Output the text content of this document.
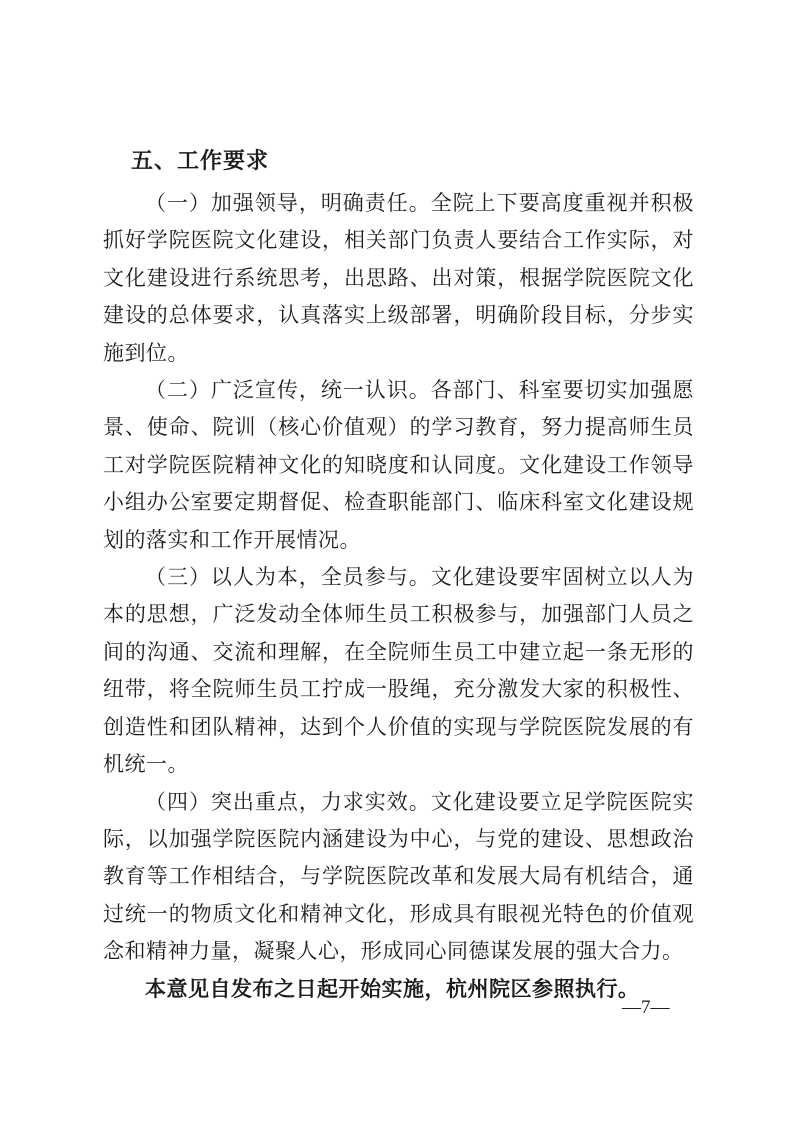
五、工作要求

（一）加强领导，明确责任。全院上下要高度重视并积极抓好学院医院文化建设，相关部门负责人要结合工作实际，对文化建设进行系统思考，出思路、出对策，根据学院医院文化建设的总体要求，认真落实上级部署，明确阶段目标，分步实施到位。

（二）广泛宣传，统一认识。各部门、科室要切实加强愿景、使命、院训（核心价值观）的学习教育，努力提高师生员工对学院医院精神文化的知晓度和认同度。文化建设工作领导小组办公室要定期督促、检查职能部门、临床科室文化建设规划的落实和工作开展情况。

（三）以人为本，全员参与。文化建设要牢固树立以人为本的思想，广泛发动全体师生员工积极参与，加强部门人员之间的沟通、交流和理解，在全院师生员工中建立起一条无形的纽带，将全院师生员工拧成一股绳，充分激发大家的积极性、创造性和团队精神，达到个人价值的实现与学院医院发展的有机统一。

（四）突出重点，力求实效。文化建设要立足学院医院实际，以加强学院医院内涵建设为中心，与党的建设、思想政治教育等工作相结合，与学院医院改革和发展大局有机结合，通过统一的物质文化和精神文化，形成具有眼视光特色的价值观念和精神力量，凝聚人心，形成同心同德谋发展的强大合力。

本意见自发布之日起开始实施，杭州院区参照执行。

—7—
